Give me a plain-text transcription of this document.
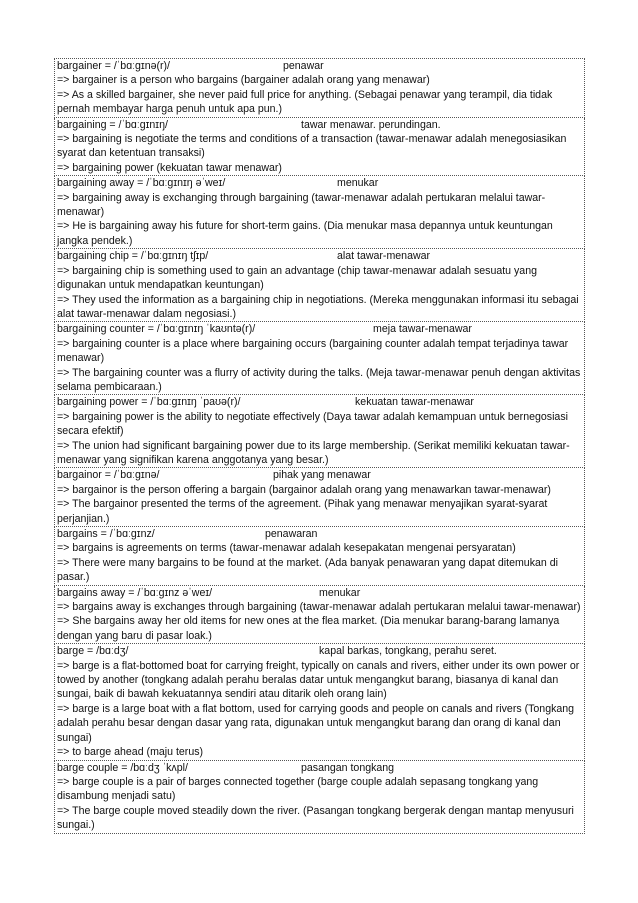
bargainer = /ˈbɑːɡɪnə(r)/	penawar

=> bargainer is a person who bargains (bargainer adalah orang yang menawar)

=> As a skilled bargainer, she never paid full price for anything. (Sebagai penawar yang terampil, dia tidak pernah membayar harga penuh untuk apa pun.)

bargaining = /ˈbɑːɡɪnɪŋ/	tawar menawar. perundingan.

=> bargaining is negotiate the terms and conditions of a transaction (tawar-menawar adalah menegosiasikan syarat dan ketentuan transaksi)

=> bargaining power (kekuatan tawar menawar)

bargaining away = /ˈbɑːɡɪnɪŋ əˈweɪ/	menukar

=> bargaining away is exchanging through bargaining (tawar-menawar adalah pertukaran melalui tawar-menawar)

=> He is bargaining away his future for short-term gains. (Dia menukar masa depannya untuk keuntungan jangka pendek.)

bargaining chip = /ˈbɑːɡɪnɪŋ tʃɪp/	alat tawar-menawar

=> bargaining chip is something used to gain an advantage (chip tawar-menawar adalah sesuatu yang digunakan untuk mendapatkan keuntungan)

=> They used the information as a bargaining chip in negotiations. (Mereka menggunakan informasi itu sebagai alat tawar-menawar dalam negosiasi.)

bargaining counter = /ˈbɑːɡɪnɪŋ ˈkaʊntə(r)/	meja tawar-menawar

=> bargaining counter is a place where bargaining occurs (bargaining counter adalah tempat terjadinya tawar menawar)

=> The bargaining counter was a flurry of activity during the talks. (Meja tawar-menawar penuh dengan aktivitas selama pembicaraan.)

bargaining power = /ˈbɑːɡɪnɪŋ ˈpaʊə(r)/	kekuatan tawar-menawar

=> bargaining power is the ability to negotiate effectively (Daya tawar adalah kemampuan untuk bernegosiasi secara efektif)

=> The union had significant bargaining power due to its large membership. (Serikat memiliki kekuatan tawar-menawar yang signifikan karena anggotanya yang besar.)

bargainor = /ˈbɑːɡɪnə/	pihak yang menawar

=> bargainor is the person offering a bargain (bargainor adalah orang yang menawarkan tawar-menawar)

=> The bargainor presented the terms of the agreement. (Pihak yang menawar menyajikan syarat-syarat perjanjian.)

bargains = /ˈbɑːɡɪnz/	penawaran

=> bargains is agreements on terms (tawar-menawar adalah kesepakatan mengenai persyaratan)

=> There were many bargains to be found at the market. (Ada banyak penawaran yang dapat ditemukan di pasar.)

bargains away = /ˈbɑːɡɪnz əˈweɪ/	menukar

=> bargains away is exchanges through bargaining (tawar-menawar adalah pertukaran melalui tawar-menawar)

=> She bargains away her old items for new ones at the flea market. (Dia menukar barang-barang lamanya dengan yang baru di pasar loak.)

barge = /bɑːdʒ/	kapal barkas, tongkang, perahu seret.

=> barge is a flat-bottomed boat for carrying freight, typically on canals and rivers, either under its own power or towed by another (tongkang adalah perahu beralas datar untuk mengangkut barang, biasanya di kanal dan sungai, baik di bawah kekuatannya sendiri atau ditarik oleh orang lain)

=> barge is a large boat with a flat bottom, used for carrying goods and people on canals and rivers (Tongkang adalah perahu besar dengan dasar yang rata, digunakan untuk mengangkut barang dan orang di kanal dan sungai)

=> to barge ahead (maju terus)

barge couple = /bɑːdʒ ˈkʌpl/	pasangan tongkang

=> barge couple is a pair of barges connected together (barge couple adalah sepasang tongkang yang disambung menjadi satu)

=> The barge couple moved steadily down the river. (Pasangan tongkang bergerak dengan mantap menyusuri sungai.)
